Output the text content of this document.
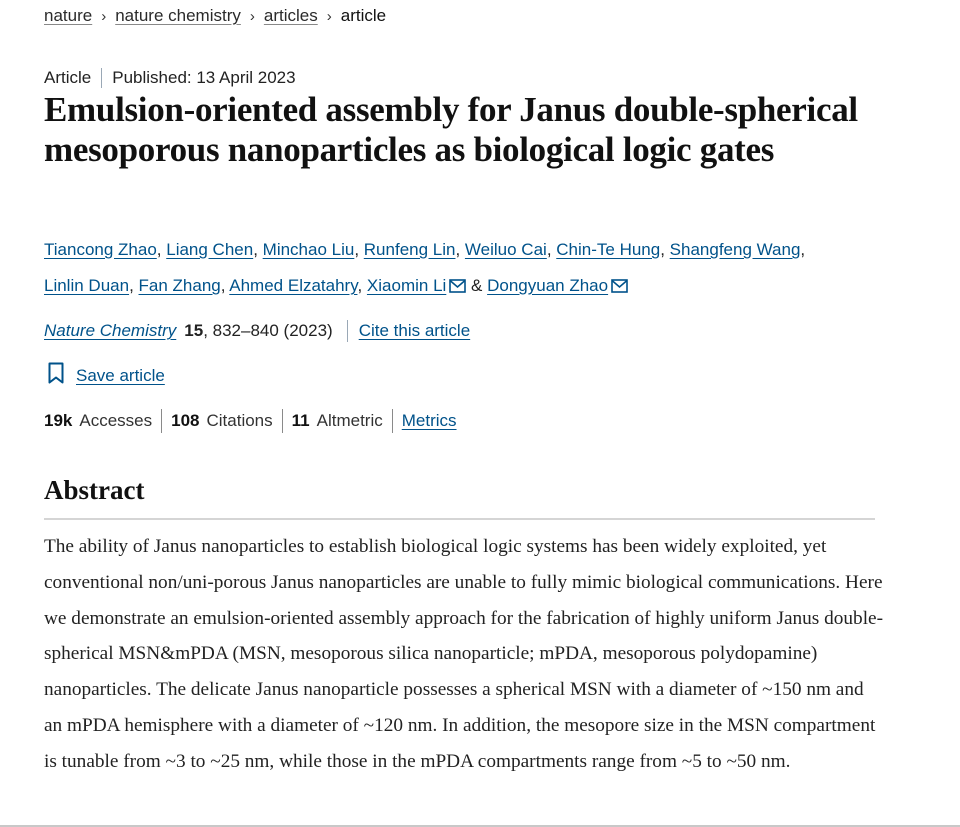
nature › nature chemistry › articles › article
Article Published: 13 April 2023
Emulsion-oriented assembly for Janus double-spherical mesoporous nanoparticles as biological logic gates
Tiancong Zhao, Liang Chen, Minchao Liu, Runfeng Lin, Weiluo Cai, Chin-Te Hung, Shangfeng Wang,
Linlin Duan, Fan Zhang, Ahmed Elzatahry, Xiaomin Li & Dongyuan Zhao
Nature Chemistry 15 , 832–840 (2023) Cite this article
Save article
19k Accesses 108 Citations 11 Altmetric Metrics
Abstract

The ability of Janus nanoparticles to establish biological logic systems has been widely exploited, yet conventional non/uni-porous Janus nanoparticles are unable to fully mimic biological communications. Here we demonstrate an emulsion-oriented assembly approach for the fabrication of highly uniform Janus double-spherical MSN&mPDA (MSN, mesoporous silica nanoparticle; mPDA, mesoporous polydopamine) nanoparticles. The delicate Janus nanoparticle possesses a spherical MSN with a diameter of ~150 nm and an mPDA hemisphere with a diameter of ~120 nm. In addition, the mesopore size in the MSN compartment is tunable from ~3 to ~25 nm, while those in the mPDA compartments range from ~5 to ~50 nm.
